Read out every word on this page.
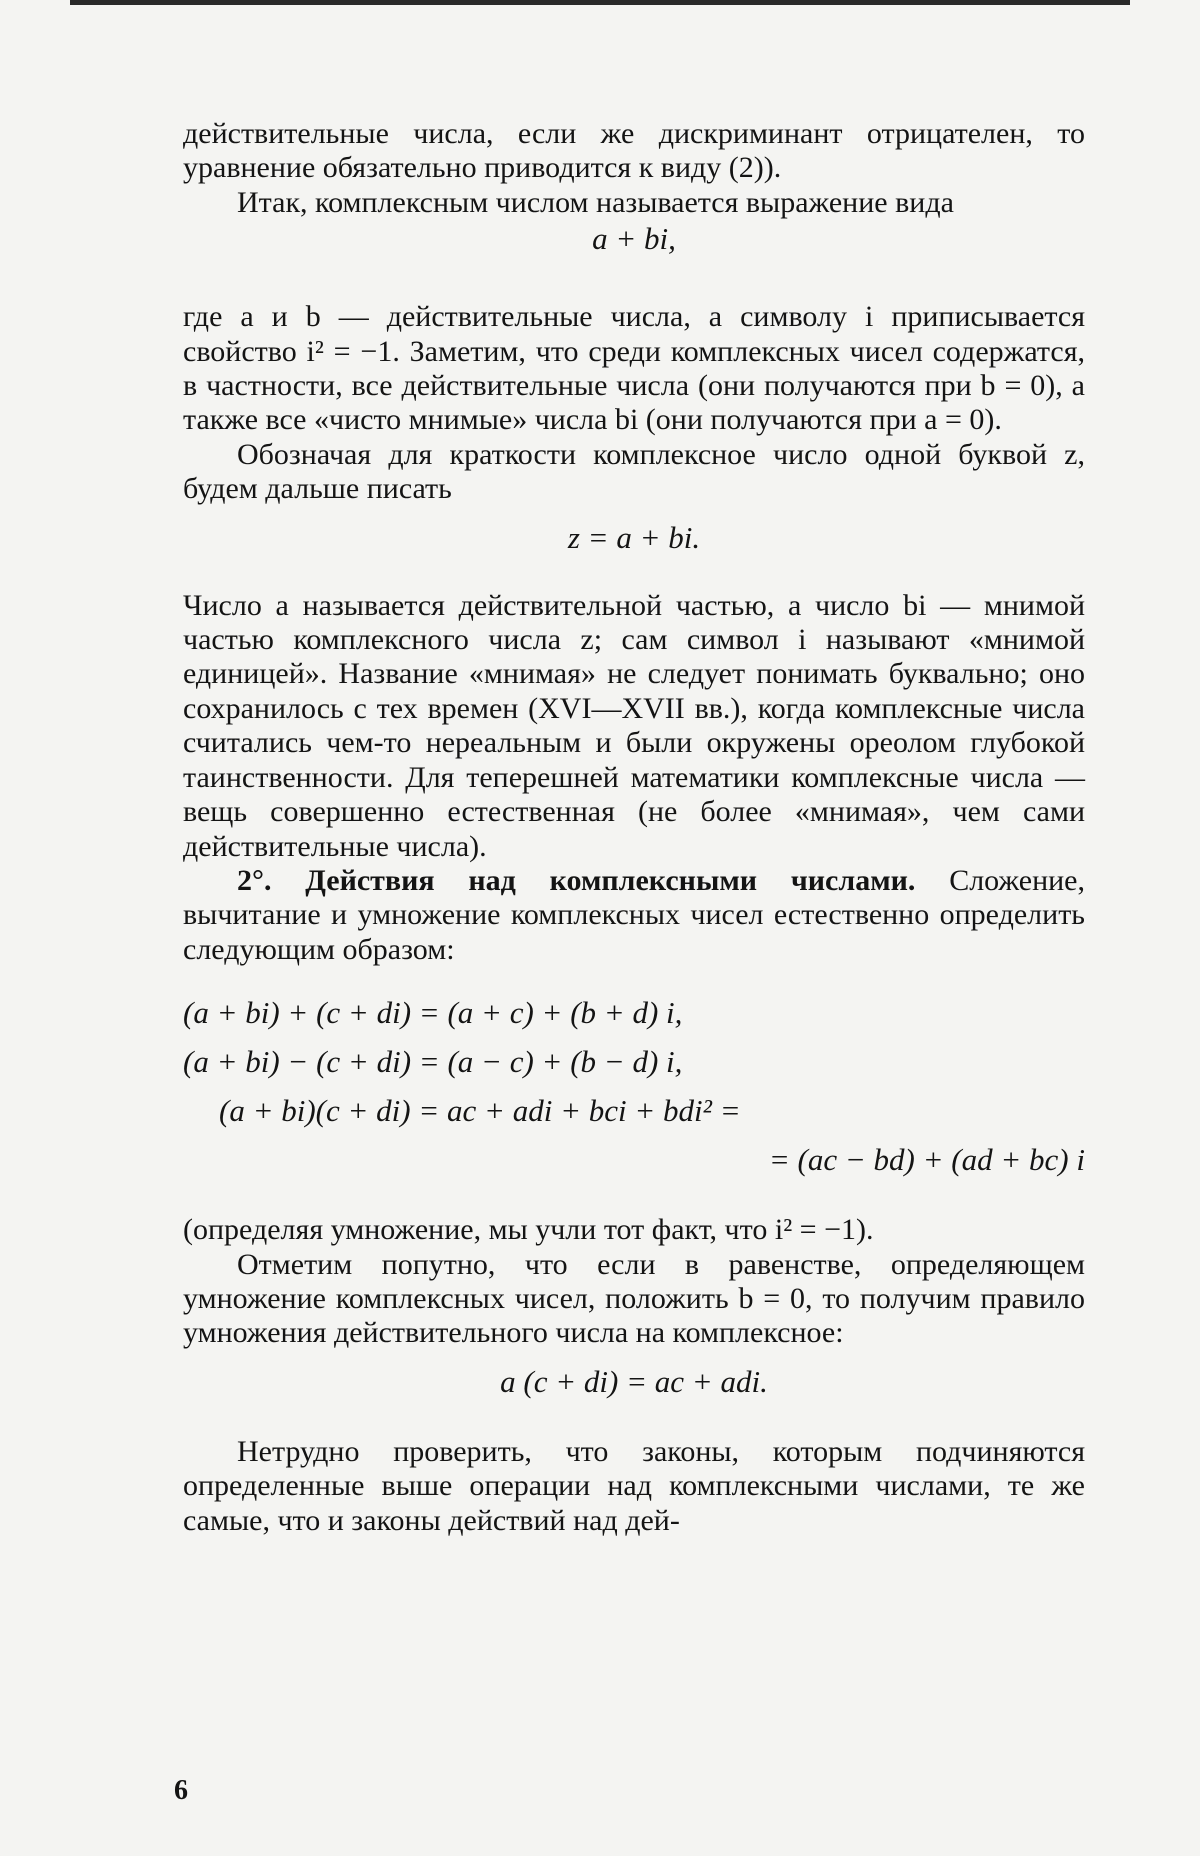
действительные числа, если же дискриминант отрицателен, то уравнение обязательно приводится к виду (2)).

Итак, комплексным числом называется выражение вида

a + bi,

где a и b — действительные числа, а символу i приписывается свойство i² = −1. Заметим, что среди комплексных чисел содержатся, в частности, все действительные числа (они получаются при b = 0), а также все «чисто мнимые» числа bi (они получаются при a = 0).

Обозначая для краткости комплексное число одной буквой z, будем дальше писать

z = a + bi.

Число a называется действительной частью, а число bi — мнимой частью комплексного числа z; сам символ i называют «мнимой единицей». Название «мнимая» не следует понимать буквально; оно сохранилось с тех времен (XVI—XVII вв.), когда комплексные числа считались чем-то нереальным и были окружены ореолом глубокой таинственности. Для теперешней математики комплексные числа — вещь совершенно естественная (не более «мнимая», чем сами действительные числа).

2°. Действия над комплексными числами. Сложение, вычитание и умножение комплексных чисел естественно определить следующим образом:

(a + bi) + (c + di) = (a + c) + (b + d) i,
(a + bi) − (c + di) = (a − c) + (b − d) i,
(a + bi)(c + di) = ac + adi + bci + bdi² =
= (ac − bd) + (ad + bc) i

(определяя умножение, мы учли тот факт, что i² = −1).

Отметим попутно, что если в равенстве, определяющем умножение комплексных чисел, положить b = 0, то получим правило умножения действительного числа на комплексное:

a (c + di) = ac + adi.

Нетрудно проверить, что законы, которым подчиняются определенные выше операции над комплексными числами, те же самые, что и законы действий над дей-

6
